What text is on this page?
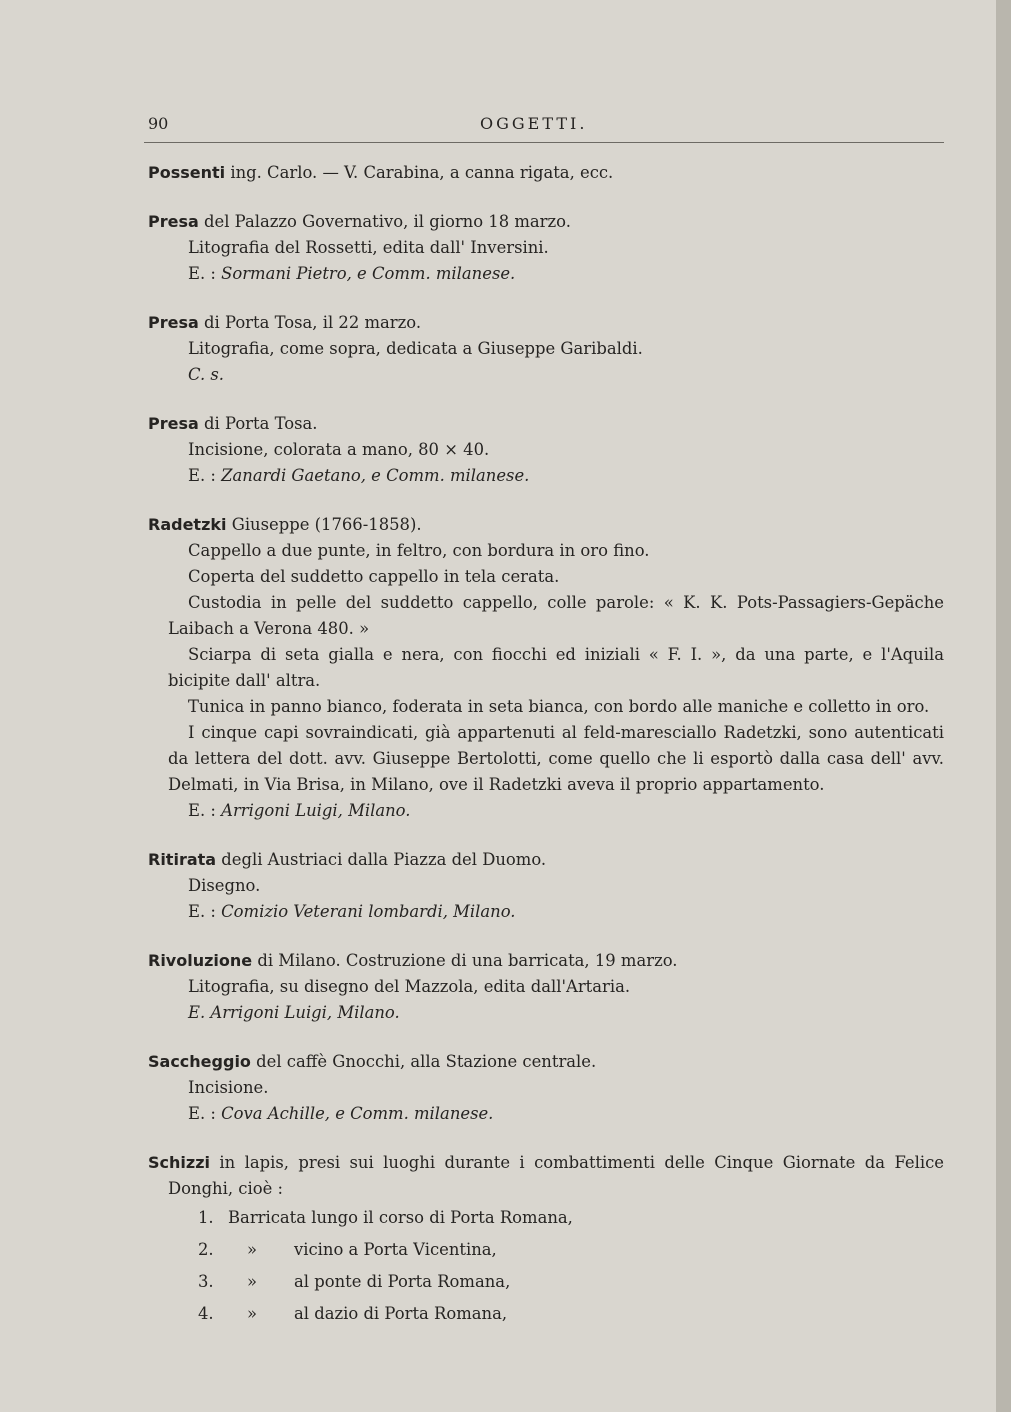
90	OGGETTI.

Possenti ing. Carlo. — V. Carabina, a canna rigata, ecc.

Presa del Palazzo Governativo, il giorno 18 marzo.

Litografia del Rossetti, edita dall' Inversini.

E. : Sormani Pietro, e Comm. milanese.

Presa di Porta Tosa, il 22 marzo.

Litografia, come sopra, dedicata a Giuseppe Garibaldi.

C. s.

Presa di Porta Tosa.

Incisione, colorata a mano, 80 × 40.

E. : Zanardi Gaetano, e Comm. milanese.

Radetzki Giuseppe (1766-1858).

Cappello a due punte, in feltro, con bordura in oro fino.

Coperta del suddetto cappello in tela cerata.

Custodia in pelle del suddetto cappello, colle parole: « K. K. Pots-Passagiers-Gepäche Laibach a Verona 480. »

Sciarpa di seta gialla e nera, con fiocchi ed iniziali « F. I. », da una parte, e l'Aquila bicipite dall' altra.

Tunica in panno bianco, foderata in seta bianca, con bordo alle maniche e colletto in oro.

I cinque capi sovraindicati, già appartenuti al feld-maresciallo Radetzki, sono autenticati da lettera del dott. avv. Giuseppe Bertolotti, come quello che li esportò dalla casa dell' avv. Delmati, in Via Brisa, in Milano, ove il Radetzki aveva il proprio appartamento.

E. : Arrigoni Luigi, Milano.

Ritirata degli Austriaci dalla Piazza del Duomo.

Disegno.

E. : Comizio Veterani lombardi, Milano.

Rivoluzione di Milano. Costruzione di una barricata, 19 marzo.

Litografia, su disegno del Mazzola, edita dall'Artaria.

E. Arrigoni Luigi, Milano.

Saccheggio del caffè Gnocchi, alla Stazione centrale.

Incisione.

E. : Cova Achille, e Comm. milanese.

Schizzi in lapis, presi sui luoghi durante i combattimenti delle Cinque Giornate da Felice Donghi, cioè :

1. Barricata lungo il corso di Porta Romana,
2.	»	vicino a Porta Vicentina,
3.	»	al ponte di Porta Romana,
4.	»	al dazio di Porta Romana,
